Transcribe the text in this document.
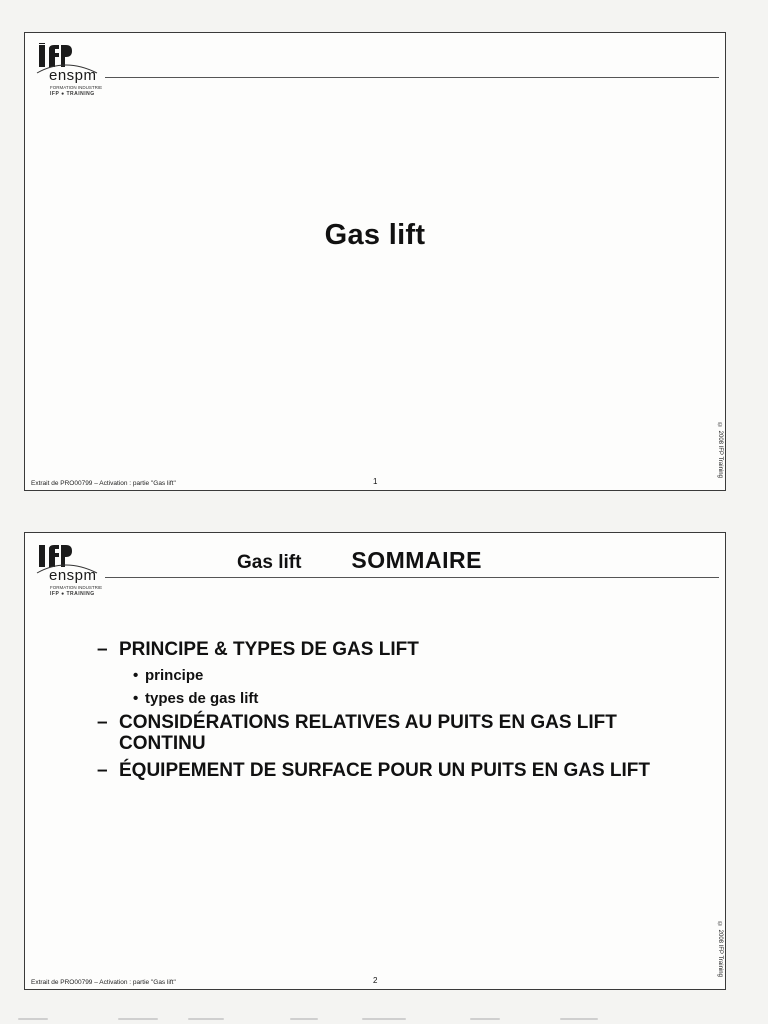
enspm
FORMATION INDUSTRIE
IFP ● TRAINING
Gas lift
Extrait de PRO00799 – Activation : partie "Gas lift"	1
© 2008 IFP Training
enspm
FORMATION INDUSTRIE
IFP ● TRAINING
Gas lift SOMMAIRE
– PRINCIPE & TYPES DE GAS LIFT
• principe
• types de gas lift
– CONSIDÉRATIONS RELATIVES AU PUITS EN GAS LIFT CONTINU
– ÉQUIPEMENT DE SURFACE POUR UN PUITS EN GAS LIFT
Extrait de PRO00799 – Activation : partie "Gas lift"	2
© 2008 IFP Training
